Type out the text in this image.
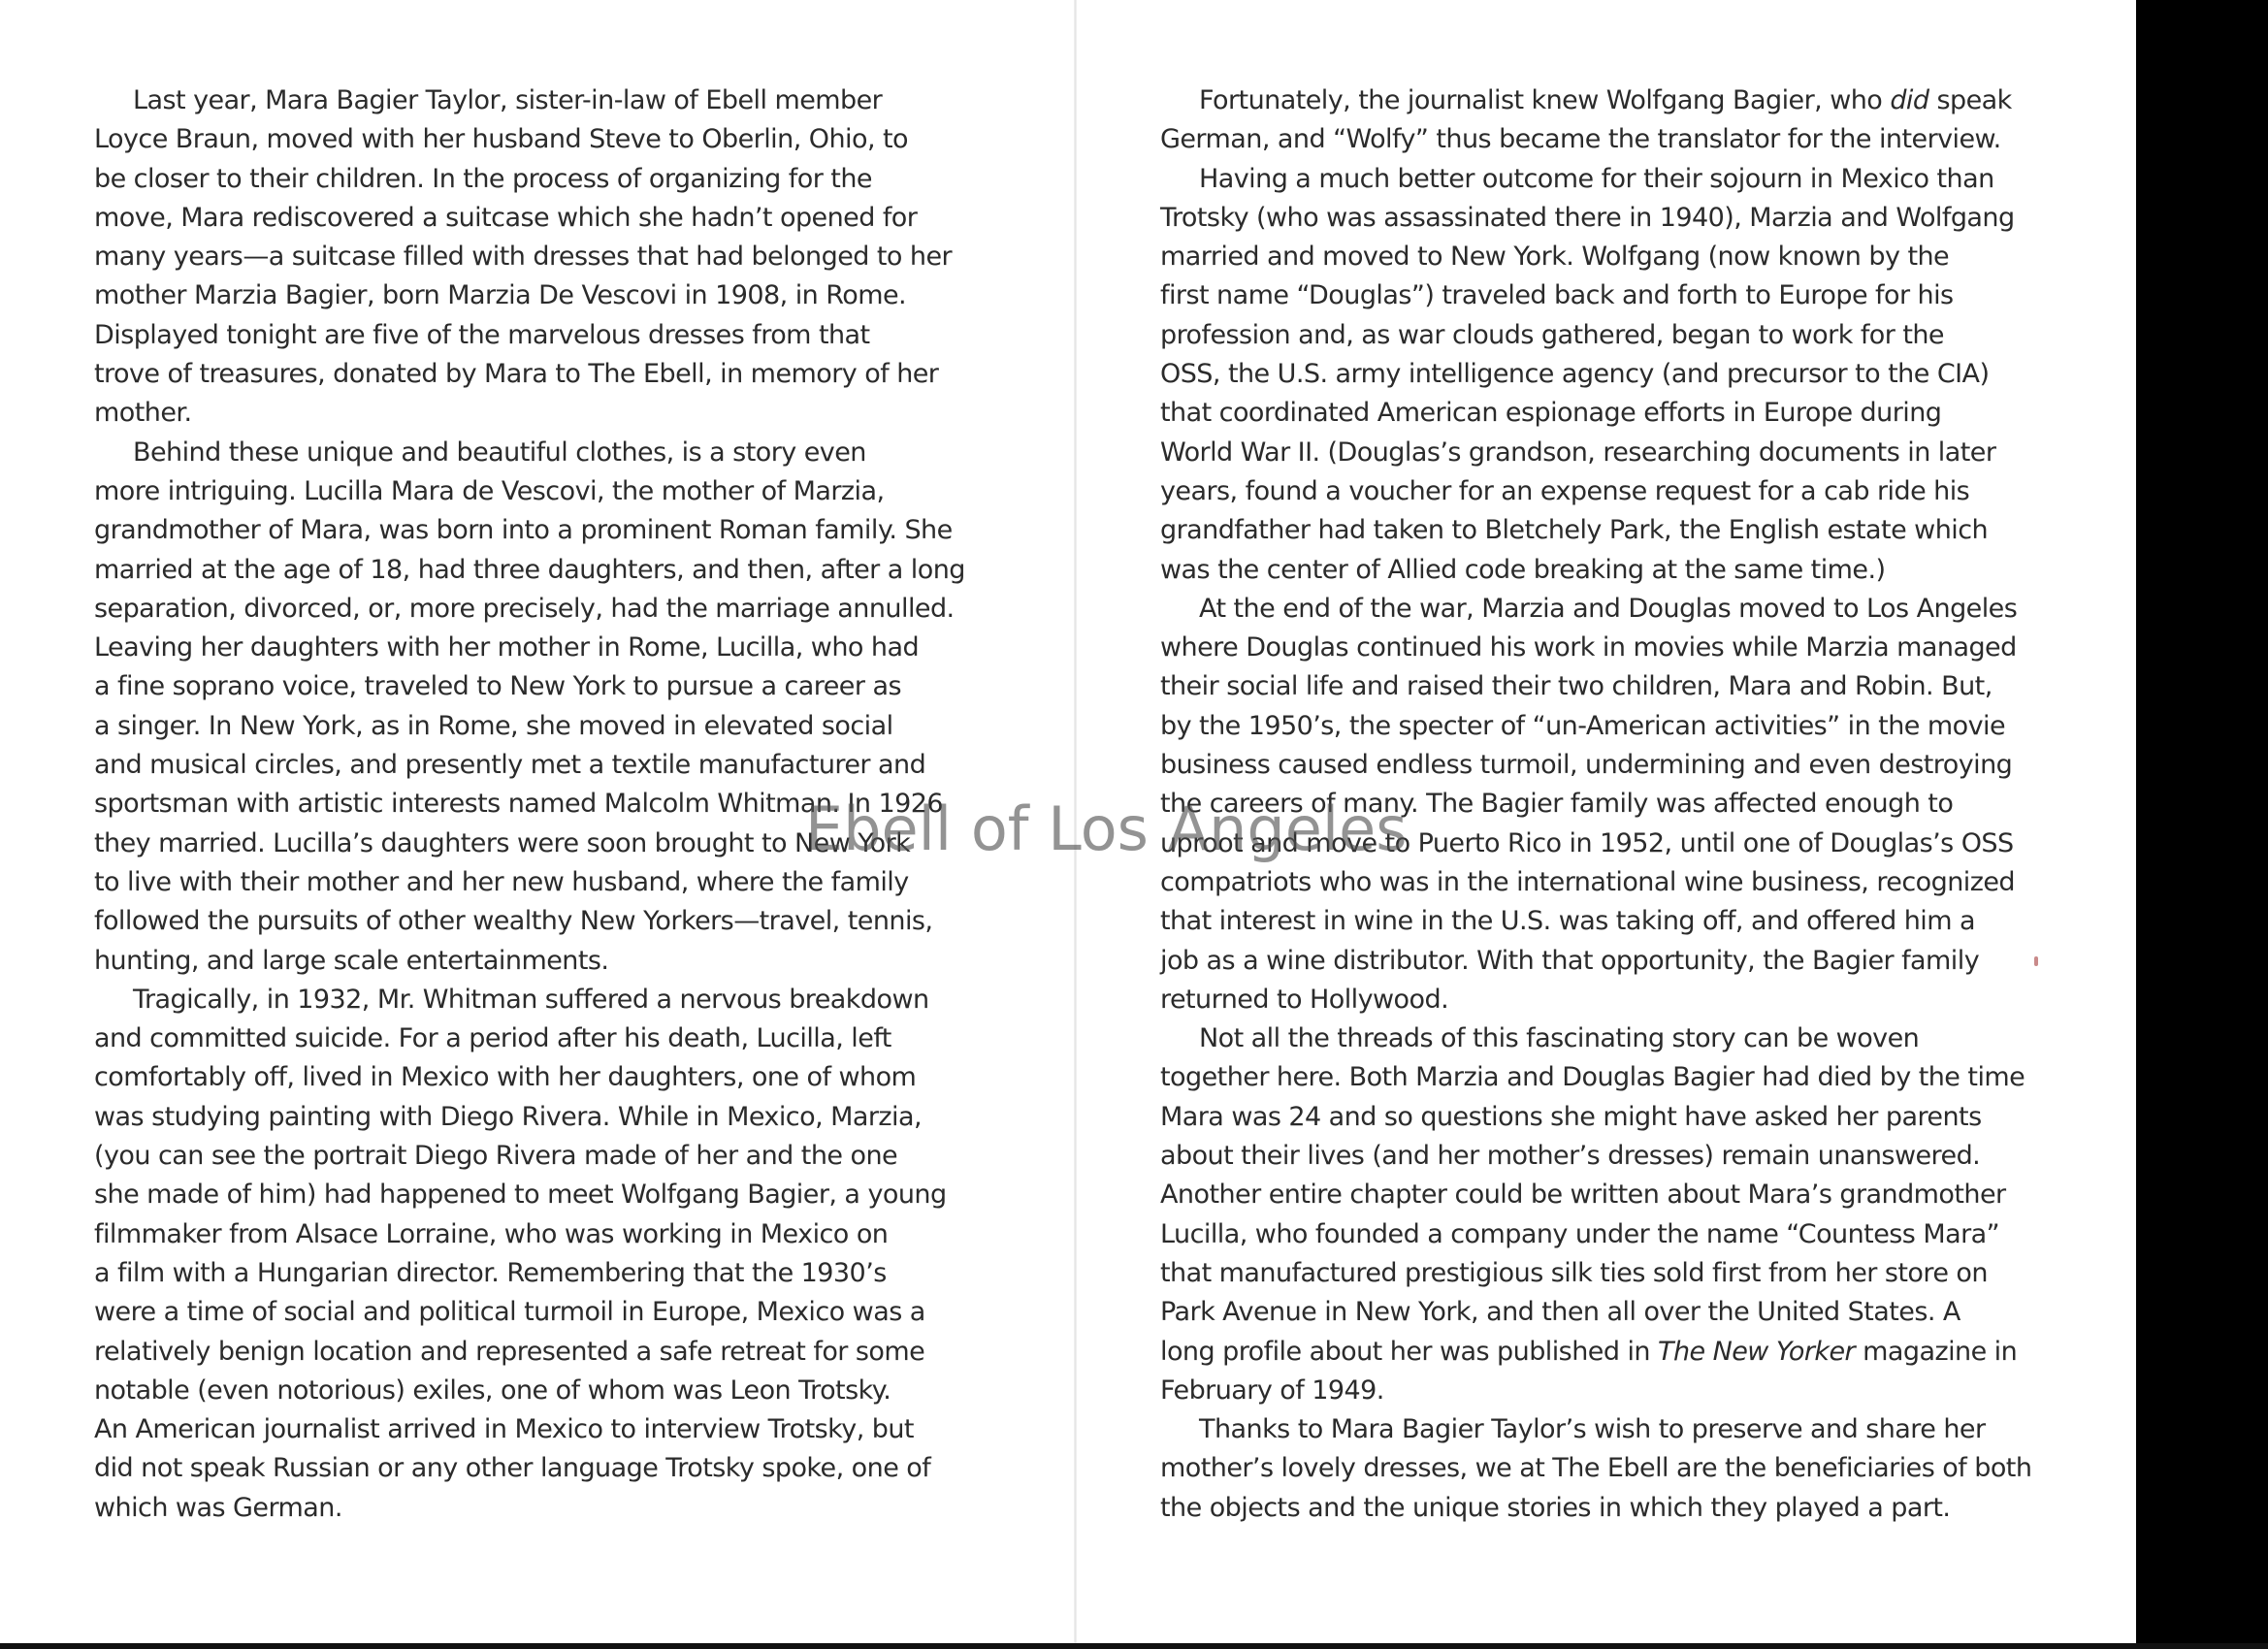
Last year, Mara Bagier Taylor, sister-in-law of Ebell member
Loyce Braun, moved with her husband Steve to Oberlin, Ohio, to
be closer to their children. In the process of organizing for the
move, Mara rediscovered a suitcase which she hadn’t opened for
many years—a suitcase filled with dresses that had belonged to her
mother Marzia Bagier, born Marzia De Vescovi in 1908, in Rome.
Displayed tonight are five of the marvelous dresses from that
trove of treasures, donated by Mara to The Ebell, in memory of her
mother.

Behind these unique and beautiful clothes, is a story even
more intriguing. Lucilla Mara de Vescovi, the mother of Marzia,
grandmother of Mara, was born into a prominent Roman family. She
married at the age of 18, had three daughters, and then, after a long
separation, divorced, or, more precisely, had the marriage annulled.
Leaving her daughters with her mother in Rome, Lucilla, who had
a fine soprano voice, traveled to New York to pursue a career as
a singer. In New York, as in Rome, she moved in elevated social
and musical circles, and presently met a textile manufacturer and
sportsman with artistic interests named Malcolm Whitman. In 1926
they married. Lucilla’s daughters were soon brought to New York
to live with their mother and her new husband, where the family
followed the pursuits of other wealthy New Yorkers—travel, tennis,
hunting, and large scale entertainments.

Tragically, in 1932, Mr. Whitman suffered a nervous breakdown
and committed suicide. For a period after his death, Lucilla, left
comfortably off, lived in Mexico with her daughters, one of whom
was studying painting with Diego Rivera. While in Mexico, Marzia,
(you can see the portrait Diego Rivera made of her and the one
she made of him) had happened to meet Wolfgang Bagier, a young
filmmaker from Alsace Lorraine, who was working in Mexico on
a film with a Hungarian director. Remembering that the 1930’s
were a time of social and political turmoil in Europe, Mexico was a
relatively benign location and represented a safe retreat for some
notable (even notorious) exiles, one of whom was Leon Trotsky.
An American journalist arrived in Mexico to interview Trotsky, but
did not speak Russian or any other language Trotsky spoke, one of
which was German.

Fortunately, the journalist knew Wolfgang Bagier, who did speak
German, and “Wolfy” thus became the translator for the interview.

Having a much better outcome for their sojourn in Mexico than
Trotsky (who was assassinated there in 1940), Marzia and Wolfgang
married and moved to New York. Wolfgang (now known by the
first name “Douglas”) traveled back and forth to Europe for his
profession and, as war clouds gathered, began to work for the
OSS, the U.S. army intelligence agency (and precursor to the CIA)
that coordinated American espionage efforts in Europe during
World War II. (Douglas’s grandson, researching documents in later
years, found a voucher for an expense request for a cab ride his
grandfather had taken to Bletchely Park, the English estate which
was the center of Allied code breaking at the same time.)

At the end of the war, Marzia and Douglas moved to Los Angeles
where Douglas continued his work in movies while Marzia managed
their social life and raised their two children, Mara and Robin. But,
by the 1950’s, the specter of “un-American activities” in the movie
business caused endless turmoil, undermining and even destroying
the careers of many. The Bagier family was affected enough to
uproot and move to Puerto Rico in 1952, until one of Douglas’s OSS
compatriots who was in the international wine business, recognized
that interest in wine in the U.S. was taking off, and offered him a
job as a wine distributor. With that opportunity, the Bagier family
returned to Hollywood.

Not all the threads of this fascinating story can be woven
together here. Both Marzia and Douglas Bagier had died by the time
Mara was 24 and so questions she might have asked her parents
about their lives (and her mother’s dresses) remain unanswered.
Another entire chapter could be written about Mara’s grandmother
Lucilla, who founded a company under the name “Countess Mara”
that manufactured prestigious silk ties sold first from her store on
Park Avenue in New York, and then all over the United States. A
long profile about her was published in The New Yorker magazine in
February of 1949.

Thanks to Mara Bagier Taylor’s wish to preserve and share her
mother’s lovely dresses, we at The Ebell are the beneficiaries of both
the objects and the unique stories in which they played a part.

Ebell of Los Angeles
